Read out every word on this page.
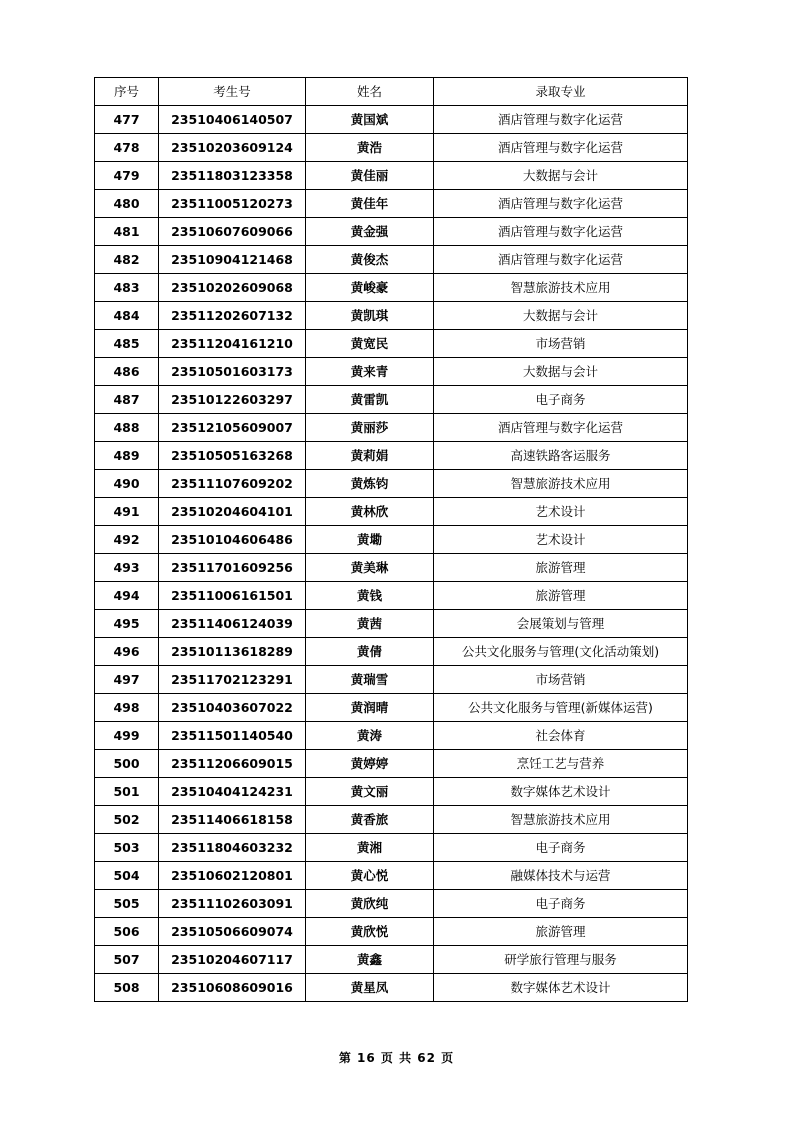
序号	考生号	姓名	录取专业
477	23510406140507	黄国斌	酒店管理与数字化运营
478	23510203609124	黄浩	酒店管理与数字化运营
479	23511803123358	黄佳丽	大数据与会计
480	23511005120273	黄佳年	酒店管理与数字化运营
481	23510607609066	黄金强	酒店管理与数字化运营
482	23510904121468	黄俊杰	酒店管理与数字化运营
483	23510202609068	黄峻豪	智慧旅游技术应用
484	23511202607132	黄凯琪	大数据与会计
485	23511204161210	黄宽民	市场营销
486	23510501603173	黄来青	大数据与会计
487	23510122603297	黄雷凯	电子商务
488	23512105609007	黄丽莎	酒店管理与数字化运营
489	23510505163268	黄莉娟	高速铁路客运服务
490	23511107609202	黄炼钧	智慧旅游技术应用
491	23510204604101	黄林欣	艺术设计
492	23510104606486	黄墈	艺术设计
493	23511701609256	黄美琳	旅游管理
494	23511006161501	黄钱	旅游管理
495	23511406124039	黄茜	会展策划与管理
496	23510113618289	黄倩	公共文化服务与管理(文化活动策划)
497	23511702123291	黄瑞雪	市场营销
498	23510403607022	黄润晴	公共文化服务与管理(新媒体运营)
499	23511501140540	黄涛	社会体育
500	23511206609015	黄婷婷	烹饪工艺与营养
501	23510404124231	黄文丽	数字媒体艺术设计
502	23511406618158	黄香旅	智慧旅游技术应用
503	23511804603232	黄湘	电子商务
504	23510602120801	黄心悦	融媒体技术与运营
505	23511102603091	黄欣纯	电子商务
506	23510506609074	黄欣悦	旅游管理
507	23510204607117	黄鑫	研学旅行管理与服务
508	23510608609016	黄星凤	数字媒体艺术设计
第 16 页 共 62 页
